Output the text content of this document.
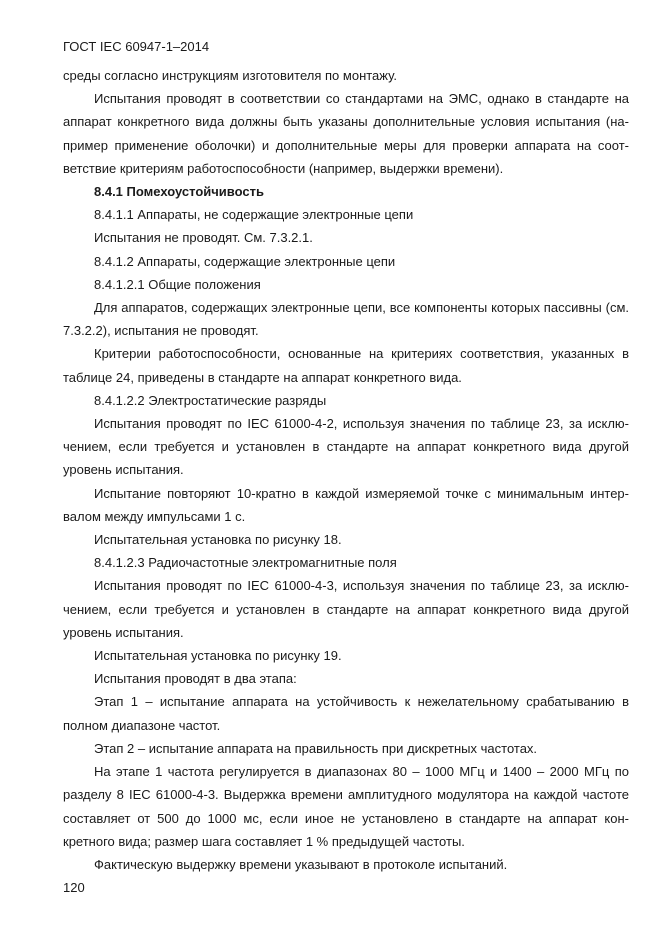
ГОСТ IEC 60947-1–2014

среды согласно инструкциям изготовителя по монтажу.

Испытания проводят в соответствии со стандартами на ЭМС, однако в стандарте на аппарат конкретного вида должны быть указаны дополнительные условия испытания (например применение оболочки) и дополнительные меры для проверки аппарата на соответствие критериям работоспособности (например, выдержки времени).

8.4.1 Помехоустойчивость

8.4.1.1 Аппараты, не содержащие электронные цепи

Испытания не проводят. См. 7.3.2.1.

8.4.1.2 Аппараты, содержащие электронные цепи

8.4.1.2.1 Общие положения

Для аппаратов, содержащих электронные цепи, все компоненты которых пассивны (см. 7.3.2.2), испытания не проводят.

Критерии работоспособности, основанные на критериях соответствия, указанных в таблице 24, приведены в стандарте на аппарат конкретного вида.

8.4.1.2.2 Электростатические разряды

Испытания проводят по IEC 61000-4-2, используя значения по таблице 23, за исключением, если требуется и установлен в стандарте на аппарат конкретного вида другой уровень испытания.

Испытание повторяют 10-кратно в каждой измеряемой точке с минимальным интервалом между импульсами 1 с.

Испытательная установка по рисунку 18.

8.4.1.2.3 Радиочастотные электромагнитные поля

Испытания проводят по IEC 61000-4-3, используя значения по таблице 23, за исключением, если требуется и установлен в стандарте на аппарат конкретного вида другой уровень испытания.

Испытательная установка по рисунку 19.

Испытания проводят в два этапа:

Этап 1 – испытание аппарата на устойчивость к нежелательному срабатыванию в полном диапазоне частот.

Этап 2 – испытание аппарата на правильность при дискретных частотах.

На этапе 1 частота регулируется в диапазонах 80 – 1000 МГц и 1400 – 2000 МГц по разделу 8 IEC 61000-4-3. Выдержка времени амплитудного модулятора на каждой частоте составляет от 500 до 1000 мс, если иное не установлено в стандарте на аппарат конкретного вида; размер шага составляет 1 % предыдущей частоты.

Фактическую выдержку времени указывают в протоколе испытаний.

120
